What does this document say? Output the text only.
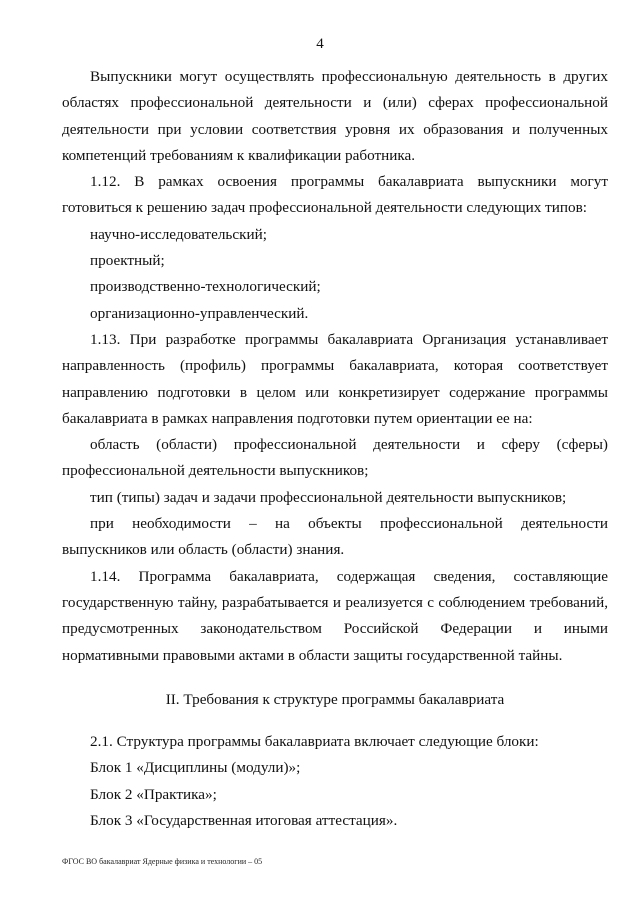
4

Выпускники могут осуществлять профессиональную деятельность в других областях профессиональной деятельности и (или) сферах профессиональной деятельности при условии соответствия уровня их образования и полученных компетенций требованиям к квалификации работника.

1.12. В рамках освоения программы бакалавриата выпускники могут готовиться к решению задач профессиональной деятельности следующих типов:

научно-исследовательский;

проектный;

производственно-технологический;

организационно-управленческий.

1.13. При разработке программы бакалавриата Организация устанавливает направленность (профиль) программы бакалавриата, которая соответствует направлению подготовки в целом или конкретизирует содержание программы бакалавриата в рамках направления подготовки путем ориентации ее на:

область (области) профессиональной деятельности и сферу (сферы) профессиональной деятельности выпускников;

тип (типы) задач и задачи профессиональной деятельности выпускников;

при необходимости – на объекты профессиональной деятельности выпускников или область (области) знания.

1.14. Программа бакалавриата, содержащая сведения, составляющие государственную тайну, разрабатывается и реализуется с соблюдением требований, предусмотренных законодательством Российской Федерации и иными нормативными правовыми актами в области защиты государственной тайны.

II. Требования к структуре программы бакалавриата

2.1. Структура программы бакалавриата включает следующие блоки:

Блок 1 «Дисциплины (модули)»;

Блок 2 «Практика»;

Блок 3 «Государственная итоговая аттестация».

ФГОС ВО бакалавриат Ядерные физика и технологии – 05
